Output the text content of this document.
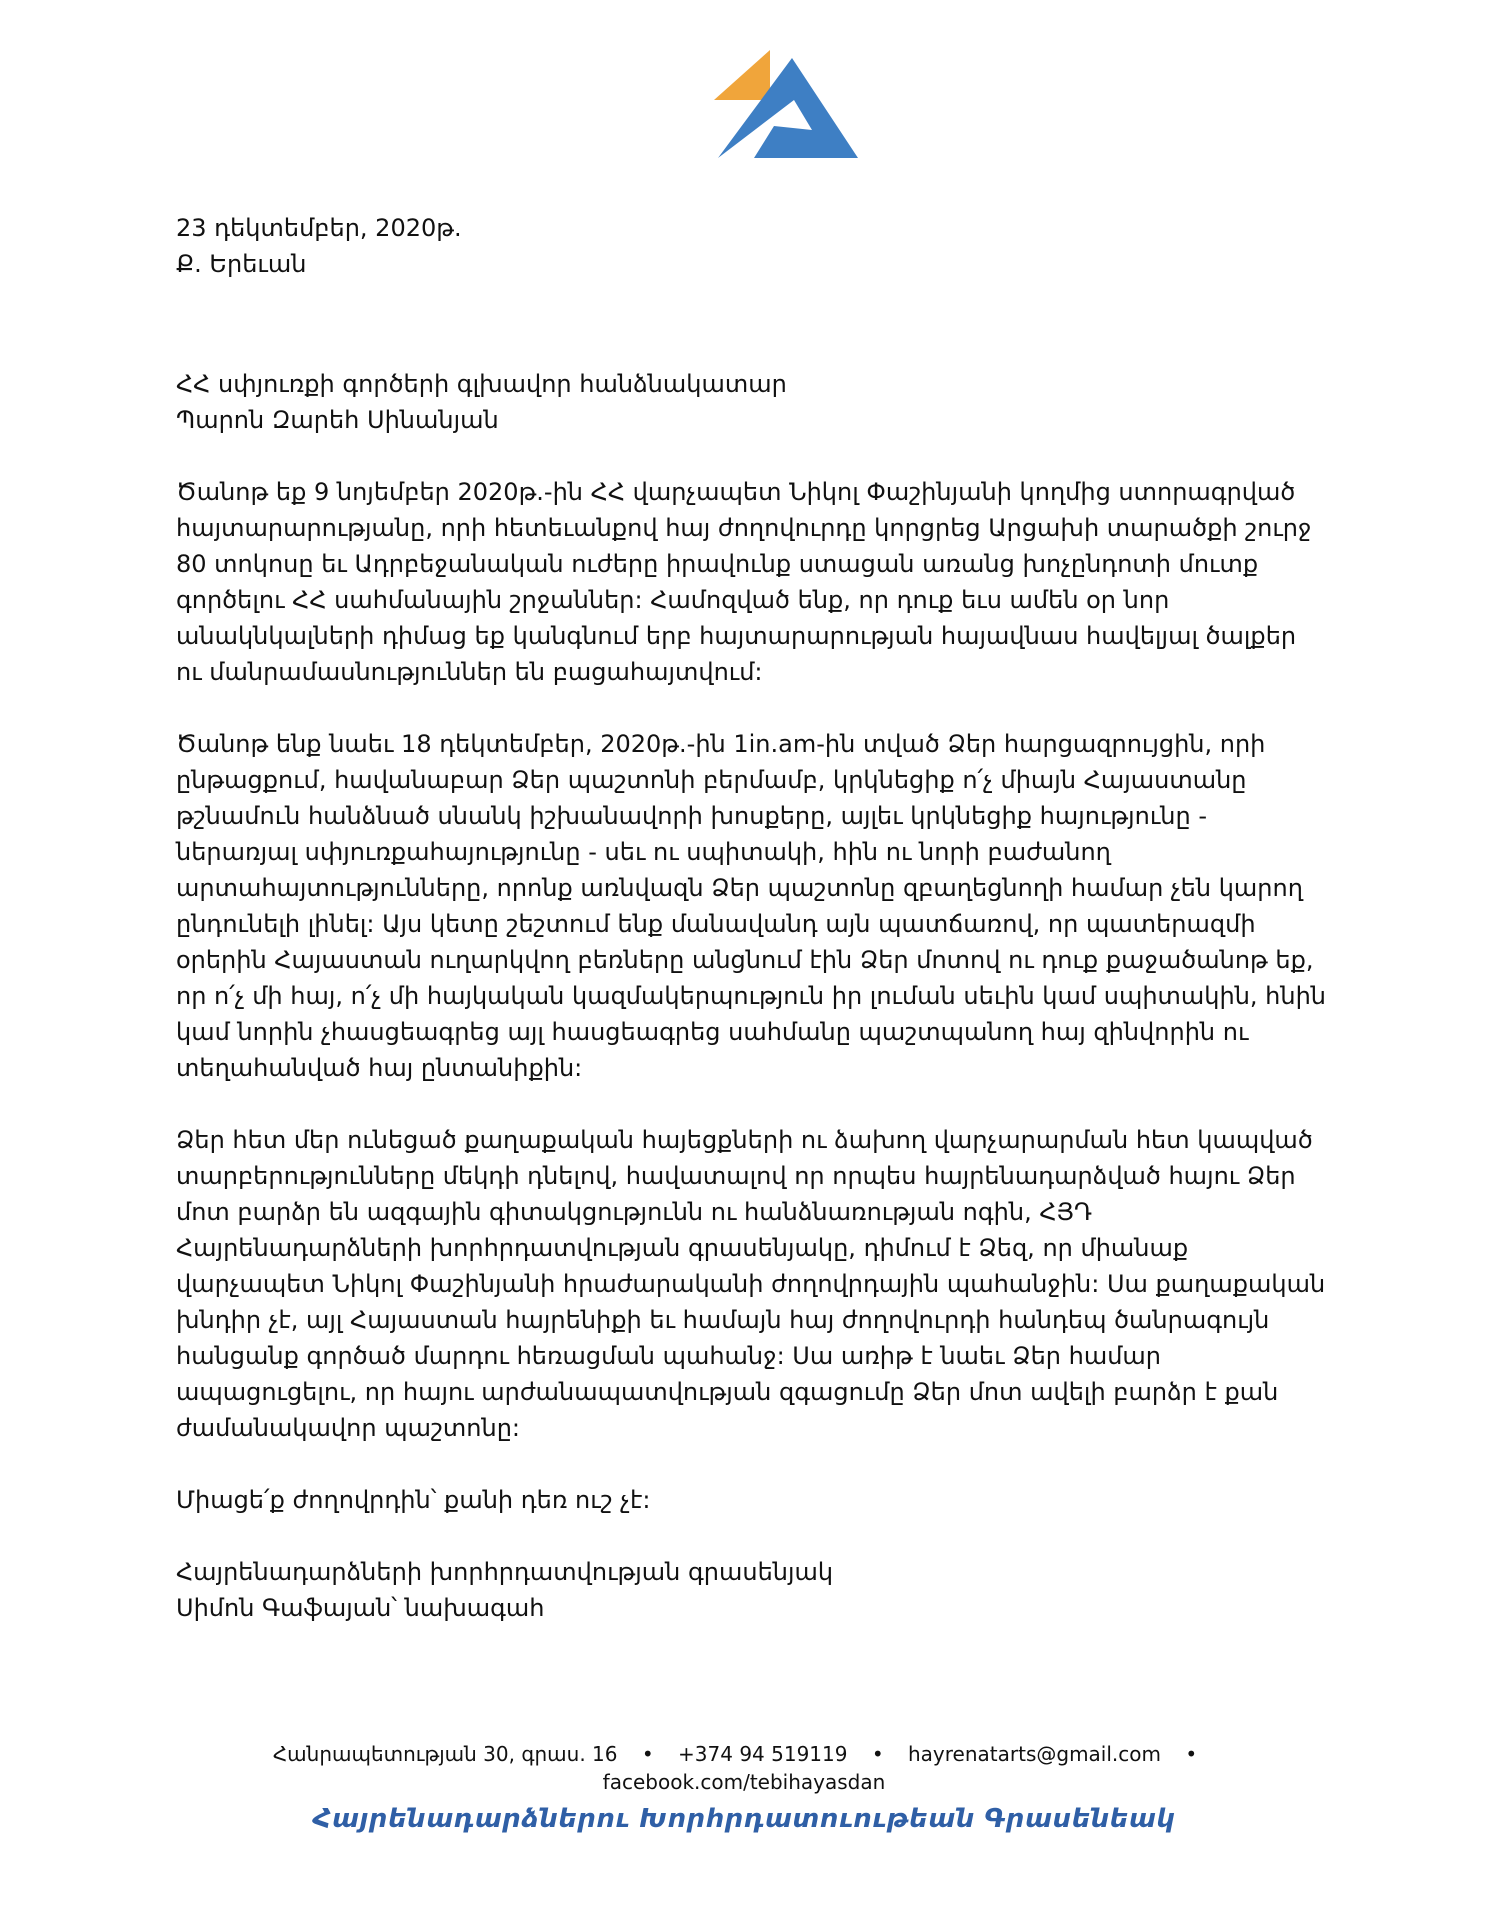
23 դեկտեմբեր, 2020թ.

Ք. Երեւան

ՀՀ սփյուռքի գործերի գլխավոր հանձնակատար

Պարոն Զարեհ Սինանյան

Ծանոթ եք 9 նոյեմբեր 2020թ.-ին ՀՀ վարչապետ Նիկոլ Փաշինյանի կողմից ստորագրված հայտարարությանը, որի հետեւանքով հայ ժողովուրդը կորցրեց Արցախի տարածքի շուրջ 80 տոկոսը եւ Ադրբեջանական ուժերը իրավունք ստացան առանց խոչընդոտի մուտք գործելու ՀՀ սահմանային շրջաններ: Համոզված ենք, որ դուք եւս ամեն օր նոր անակնկալների դիմաց եք կանգնում երբ հայտարարության հայավնաս հավելյալ ծալքեր ու մանրամասնություններ են բացահայտվում:

Ծանոթ ենք նաեւ 18 դեկտեմբեր, 2020թ.-ին 1in.am-ին տված Ձեր հարցազրույցին, որի ընթացքում, հավանաբար Ձեր պաշտոնի բերմամբ, կրկնեցիք ո՛չ միայն Հայաստանը թշնամուն հանձնած սնանկ իշխանավորի խոսքերը, այլեւ կրկնեցիք հայությունը - ներառյալ սփյուռքահայությունը - սեւ ու սպիտակի, հին ու նորի բաժանող արտահայտությունները, որոնք առնվազն Ձեր պաշտոնը զբաղեցնողի համար չեն կարող ընդունելի լինել: Այս կետը շեշտում ենք մանավանդ այն պատճառով, որ պատերազմի օրերին Հայաստան ուղարկվող բեռները անցնում էին Ձեր մոտով ու դուք քաջածանոթ եք, որ ո՛չ մի հայ, ո՛չ մի հայկական կազմակերպություն իր լուման սեւին կամ սպիտակին, հնին կամ նորին չհասցեագրեց այլ հասցեագրեց սահմանը պաշտպանող հայ զինվորին ու տեղահանված հայ ընտանիքին:

Ձեր հետ մեր ունեցած քաղաքական հայեցքների ու ձախող վարչարարման հետ կապված տարբերությունները մեկդի դնելով, հավատալով որ որպես հայրենադարձված հայու Ձեր մոտ բարձր են ազգային գիտակցությունն ու հանձնառության ոգին, ՀՅԴ Հայրենադարձների խորհրդատվության գրասենյակը, դիմում է Ձեզ, որ միանաք վարչապետ Նիկոլ Փաշինյանի հրաժարականի ժողովրդային պահանջին: Սա քաղաքական խնդիր չէ, այլ Հայաստան հայրենիքի եւ համայն հայ ժողովուրդի հանդեպ ծանրագույն հանցանք գործած մարդու հեռացման պահանջ: Սա առիթ է նաեւ Ձեր համար ապացուցելու, որ հայու արժանապատվության զգացումը Ձեր մոտ ավելի բարձր է քան ժամանակավոր պաշտոնը:

Միացե՛ք ժողովրդին՝ քանի դեռ ուշ չէ:

Հայրենադարձների խորհրդատվության գրասենյակ

Սիմոն Գաֆայան՝ նախագահ

Հանրապետության 30, գրաս. 16 • +374 94 519119 • hayrenatarts@gmail.com •
facebook.com/tebihayasdan
Հայրենադարձներու Խորհրդատուութեան Գրասենեակ
